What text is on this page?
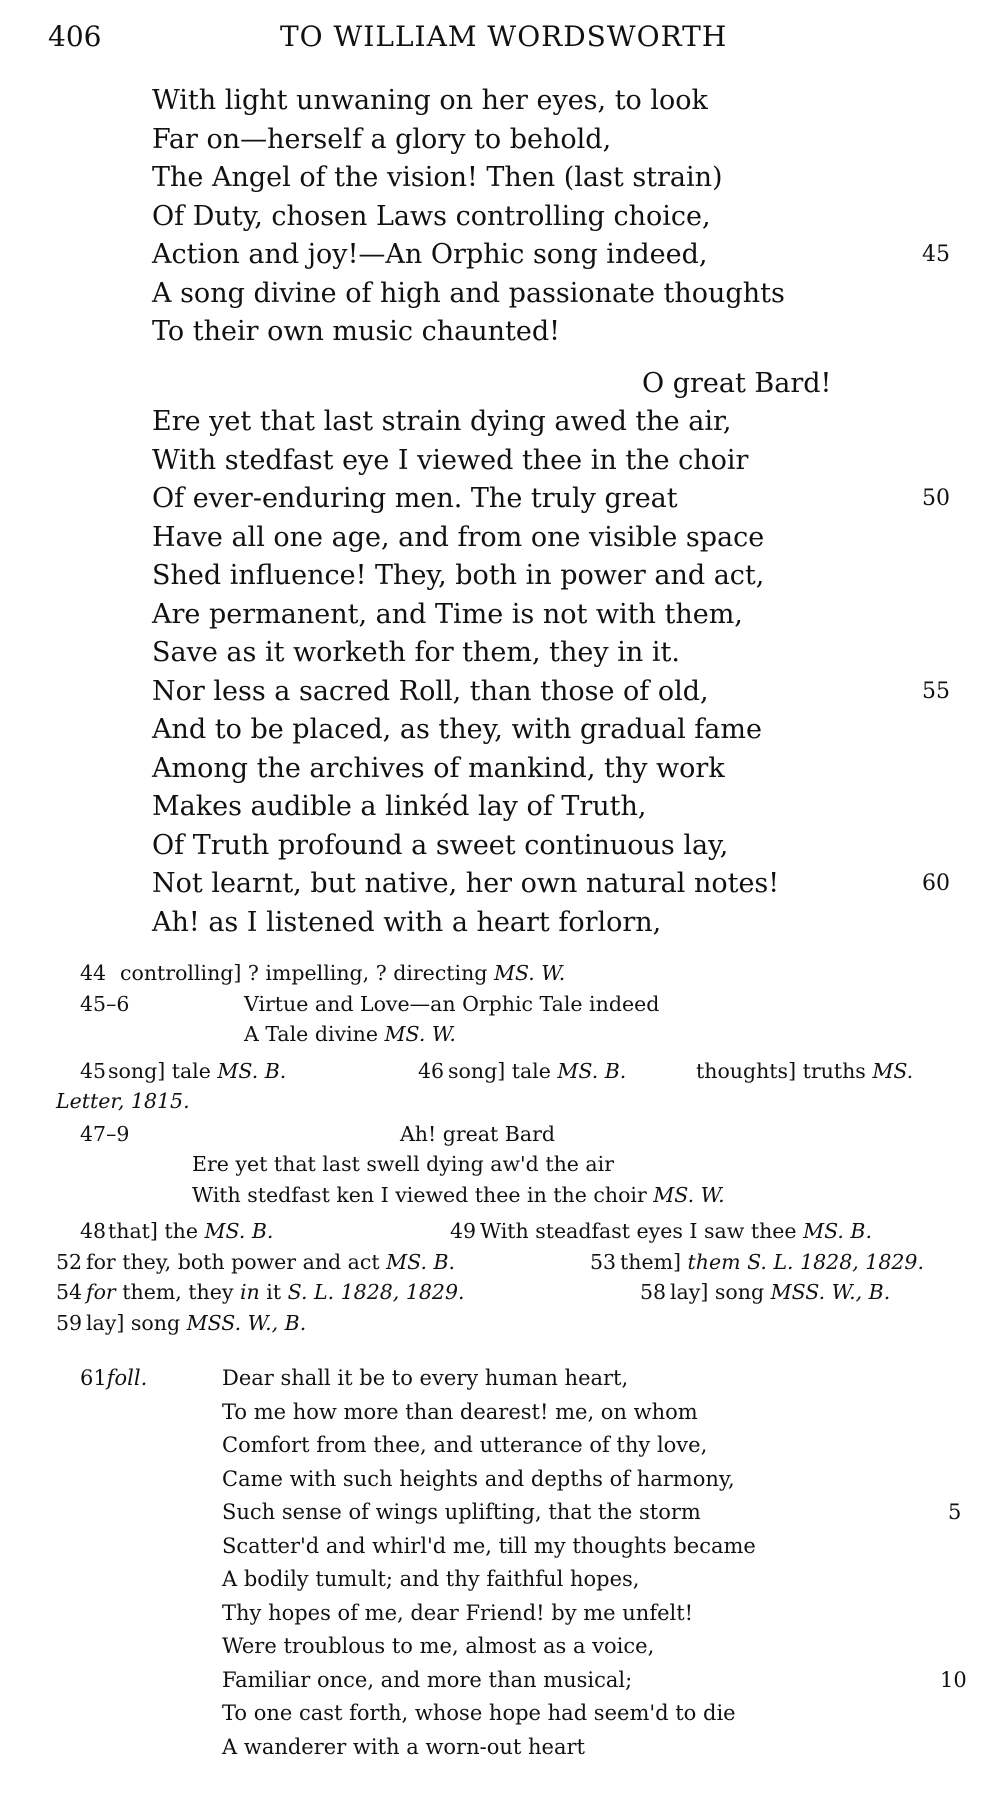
406	TO WILLIAM WORDSWORTH
With light unwaning on her eyes, to look
Far on—herself a glory to behold,
The Angel of the vision! Then (last strain)
Of Duty, chosen Laws controlling choice,
Action and joy!—An Orphic song indeed,	45
A song divine of high and passionate thoughts
To their own music chaunted!
O great Bard!
Ere yet that last strain dying awed the air,
With stedfast eye I viewed thee in the choir
Of ever-enduring men. The truly great	50
Have all one age, and from one visible space
Shed influence! They, both in power and act,
Are permanent, and Time is not with them,
Save as it worketh for them, they in it.
Nor less a sacred Roll, than those of old,	55
And to be placed, as they, with gradual fame
Among the archives of mankind, thy work
Makes audible a linkéd lay of Truth,
Of Truth profound a sweet continuous lay,
Not learnt, but native, her own natural notes!	60
Ah! as I listened with a heart forlorn,
44 controlling] ? impelling, ? directing MS. W.
45–6	Virtue and Love—an Orphic Tale indeed
A Tale divine MS. W.
45 song] tale MS. B.	46 song] tale MS. B.	thoughts] truths MS.
Letter, 1815.
47–9	Ah! great Bard
Ere yet that last swell dying aw'd the air
With stedfast ken I viewed thee in the choir MS. W.
48 that] the MS. B.	49 With steadfast eyes I saw thee MS. B.
52 for they, both power and act MS. B.	53 them] them S. L. 1828, 1829.
54 for them, they in it S. L. 1828, 1829.	58 lay] song MSS. W., B.
59 lay] song MSS. W., B.
61foll.	Dear shall it be to every human heart,
To me how more than dearest! me, on whom
Comfort from thee, and utterance of thy love,
Came with such heights and depths of harmony,
Such sense of wings uplifting, that the storm	5
Scatter'd and whirl'd me, till my thoughts became
A bodily tumult; and thy faithful hopes,
Thy hopes of me, dear Friend! by me unfelt!
Were troublous to me, almost as a voice,
Familiar once, and more than musical;	10
To one cast forth, whose hope had seem'd to die
A wanderer with a worn-out heart
